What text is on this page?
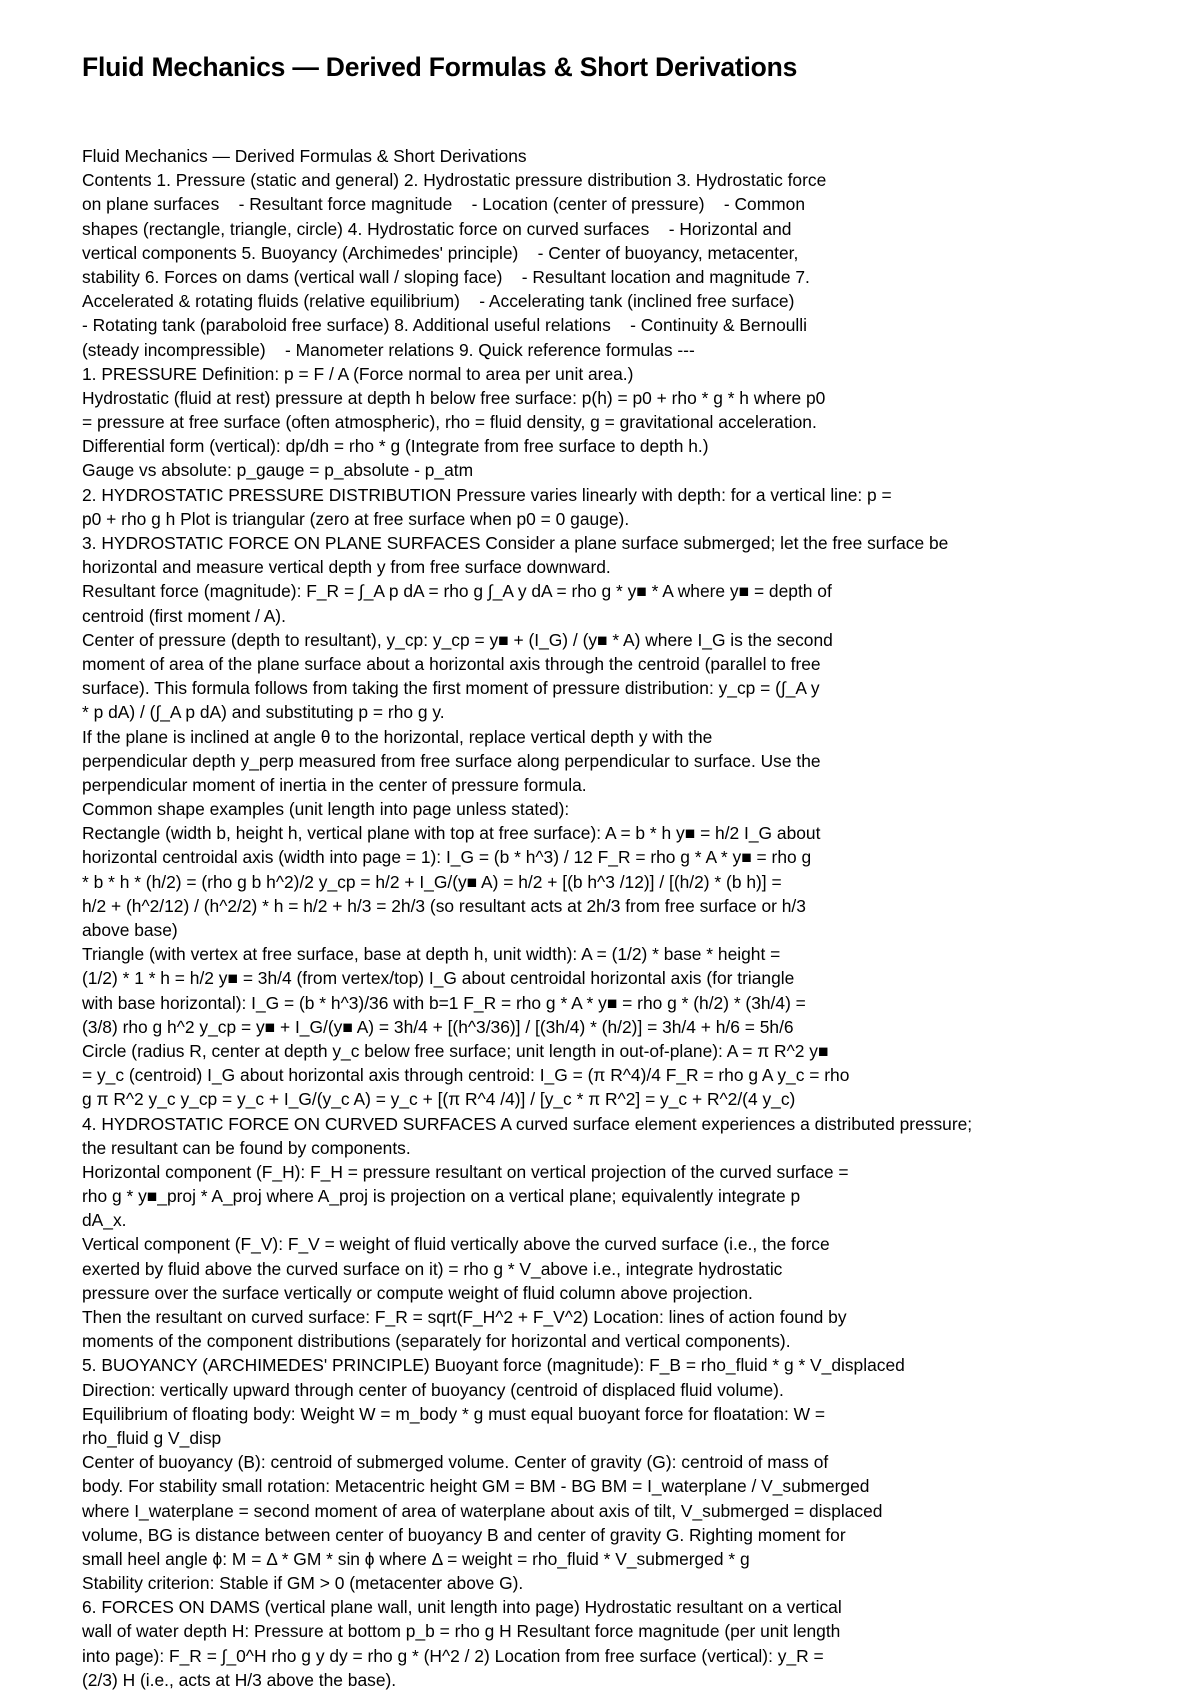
Fluid Mechanics — Derived Formulas & Short Derivations
Fluid Mechanics — Derived Formulas & Short Derivations
Contents 1. Pressure (static and general) 2. Hydrostatic pressure distribution 3. Hydrostatic force
on plane surfaces    - Resultant force magnitude    - Location (center of pressure)    - Common
shapes (rectangle, triangle, circle) 4. Hydrostatic force on curved surfaces    - Horizontal and
vertical components 5. Buoyancy (Archimedes' principle)    - Center of buoyancy, metacenter,
stability 6. Forces on dams (vertical wall / sloping face)    - Resultant location and magnitude 7.
Accelerated & rotating fluids (relative equilibrium)    - Accelerating tank (inclined free surface)
- Rotating tank (paraboloid free surface) 8. Additional useful relations    - Continuity & Bernoulli
(steady incompressible)    - Manometer relations 9. Quick reference formulas ---
1. PRESSURE Definition: p = F / A (Force normal to area per unit area.)
Hydrostatic (fluid at rest) pressure at depth h below free surface: p(h) = p0 + rho * g * h where p0
= pressure at free surface (often atmospheric), rho = fluid density, g = gravitational acceleration.
Differential form (vertical): dp/dh = rho * g (Integrate from free surface to depth h.)
Gauge vs absolute: p_gauge = p_absolute - p_atm
2. HYDROSTATIC PRESSURE DISTRIBUTION Pressure varies linearly with depth: for a vertical line: p =
p0 + rho g h Plot is triangular (zero at free surface when p0 = 0 gauge).
3. HYDROSTATIC FORCE ON PLANE SURFACES Consider a plane surface submerged; let the free surface be
horizontal and measure vertical depth y from free surface downward.
Resultant force (magnitude): F_R = ∫_A p dA = rho g ∫_A y dA = rho g * y■ * A where y■ = depth of
centroid (first moment / A).
Center of pressure (depth to resultant), y_cp: y_cp = y■ + (I_G) / (y■ * A) where I_G is the second
moment of area of the plane surface about a horizontal axis through the centroid (parallel to free
surface). This formula follows from taking the first moment of pressure distribution: y_cp = (∫_A y
* p dA) / (∫_A p dA) and substituting p = rho g y.
If the plane is inclined at angle θ to the horizontal, replace vertical depth y with the
perpendicular depth y_perp measured from free surface along perpendicular to surface. Use the
perpendicular moment of inertia in the center of pressure formula.
Common shape examples (unit length into page unless stated):
Rectangle (width b, height h, vertical plane with top at free surface): A = b * h y■ = h/2 I_G about
horizontal centroidal axis (width into page = 1): I_G = (b * h^3) / 12 F_R = rho g * A * y■ = rho g
* b * h * (h/2) = (rho g b h^2)/2 y_cp = h/2 + I_G/(y■ A) = h/2 + [(b h^3 /12)] / [(h/2) * (b h)] =
h/2 + (h^2/12) / (h^2/2) * h = h/2 + h/3 = 2h/3 (so resultant acts at 2h/3 from free surface or h/3
above base)
Triangle (with vertex at free surface, base at depth h, unit width): A = (1/2) * base * height =
(1/2) * 1 * h = h/2 y■ = 3h/4 (from vertex/top) I_G about centroidal horizontal axis (for triangle
with base horizontal): I_G = (b * h^3)/36 with b=1 F_R = rho g * A * y■ = rho g * (h/2) * (3h/4) =
(3/8) rho g h^2 y_cp = y■ + I_G/(y■ A) = 3h/4 + [(h^3/36)] / [(3h/4) * (h/2)] = 3h/4 + h/6 = 5h/6
Circle (radius R, center at depth y_c below free surface; unit length in out-of-plane): A = π R^2 y■
= y_c (centroid) I_G about horizontal axis through centroid: I_G = (π R^4)/4 F_R = rho g A y_c = rho
g π R^2 y_c y_cp = y_c + I_G/(y_c A) = y_c + [(π R^4 /4)] / [y_c * π R^2] = y_c + R^2/(4 y_c)
4. HYDROSTATIC FORCE ON CURVED SURFACES A curved surface element experiences a distributed pressure;
the resultant can be found by components.
Horizontal component (F_H): F_H = pressure resultant on vertical projection of the curved surface =
rho g * y■_proj * A_proj where A_proj is projection on a vertical plane; equivalently integrate p
dA_x.
Vertical component (F_V): F_V = weight of fluid vertically above the curved surface (i.e., the force
exerted by fluid above the curved surface on it) = rho g * V_above i.e., integrate hydrostatic
pressure over the surface vertically or compute weight of fluid column above projection.
Then the resultant on curved surface: F_R = sqrt(F_H^2 + F_V^2) Location: lines of action found by
moments of the component distributions (separately for horizontal and vertical components).
5. BUOYANCY (ARCHIMEDES' PRINCIPLE) Buoyant force (magnitude): F_B = rho_fluid * g * V_displaced
Direction: vertically upward through center of buoyancy (centroid of displaced fluid volume).
Equilibrium of floating body: Weight W = m_body * g must equal buoyant force for floatation: W =
rho_fluid g V_disp
Center of buoyancy (B): centroid of submerged volume. Center of gravity (G): centroid of mass of
body. For stability small rotation: Metacentric height GM = BM - BG BM = I_waterplane / V_submerged
where I_waterplane = second moment of area of waterplane about axis of tilt, V_submerged = displaced
volume, BG is distance between center of buoyancy B and center of gravity G. Righting moment for
small heel angle ϕ: M = Δ * GM * sin ϕ where Δ = weight = rho_fluid * V_submerged * g
Stability criterion: Stable if GM > 0 (metacenter above G).
6. FORCES ON DAMS (vertical plane wall, unit length into page) Hydrostatic resultant on a vertical
wall of water depth H: Pressure at bottom p_b = rho g H Resultant force magnitude (per unit length
into page): F_R = ∫_0^H rho g y dy = rho g * (H^2 / 2) Location from free surface (vertical): y_R =
(2/3) H (i.e., acts at H/3 above the base).
